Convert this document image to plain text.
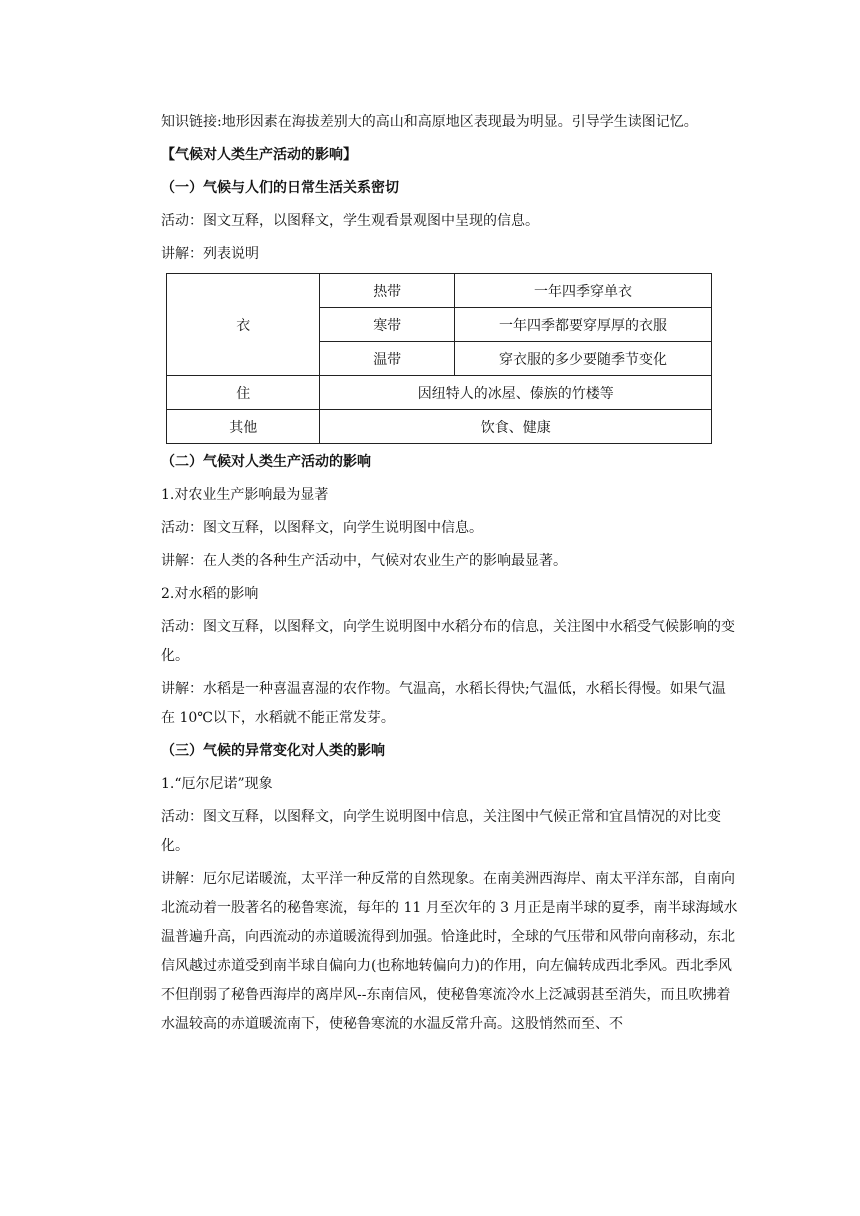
知识链接:地形因素在海拔差别大的高山和高原地区表现最为明显。引导学生读图记忆。

【气候对人类生产活动的影响】

（一）气候与人们的日常生活关系密切

活动：图文互释，以图释文，学生观看景观图中呈现的信息。

讲解：列表说明

衣	热带	一年四季穿单衣
	寒带	一年四季都要穿厚厚的衣服
	温带	穿衣服的多少要随季节变化
住	因纽特人的冰屋、傣族的竹楼等	
其他	饮食、健康	

（二）气候对人类生产活动的影响

1.对农业生产影响最为显著

活动：图文互释，以图释文，向学生说明图中信息。

讲解：在人类的各种生产活动中，气候对农业生产的影响最显著。

2.对水稻的影响

活动：图文互释，以图释文，向学生说明图中水稻分布的信息，关注图中水稻受气候影响的变化。

讲解：水稻是一种喜温喜湿的农作物。气温高，水稻长得快;气温低，水稻长得慢。如果气温在 10℃以下，水稻就不能正常发芽。

（三）气候的异常变化对人类的影响

1.“厄尔尼诺”现象

活动：图文互释，以图释文，向学生说明图中信息，关注图中气候正常和宜昌情况的对比变化。

讲解：厄尔尼诺暖流，太平洋一种反常的自然现象。在南美洲西海岸、南太平洋东部，自南向北流动着一股著名的秘鲁寒流，每年的 11 月至次年的 3 月正是南半球的夏季，南半球海域水温普遍升高，向西流动的赤道暖流得到加强。恰逢此时，全球的气压带和风带向南移动，东北信风越过赤道受到南半球自偏向力(也称地转偏向力)的作用，向左偏转成西北季风。西北季风不但削弱了秘鲁西海岸的离岸风--东南信风，使秘鲁寒流冷水上泛减弱甚至消失，而且吹拂着水温较高的赤道暖流南下，使秘鲁寒流的水温反常升高。这股悄然而至、不
